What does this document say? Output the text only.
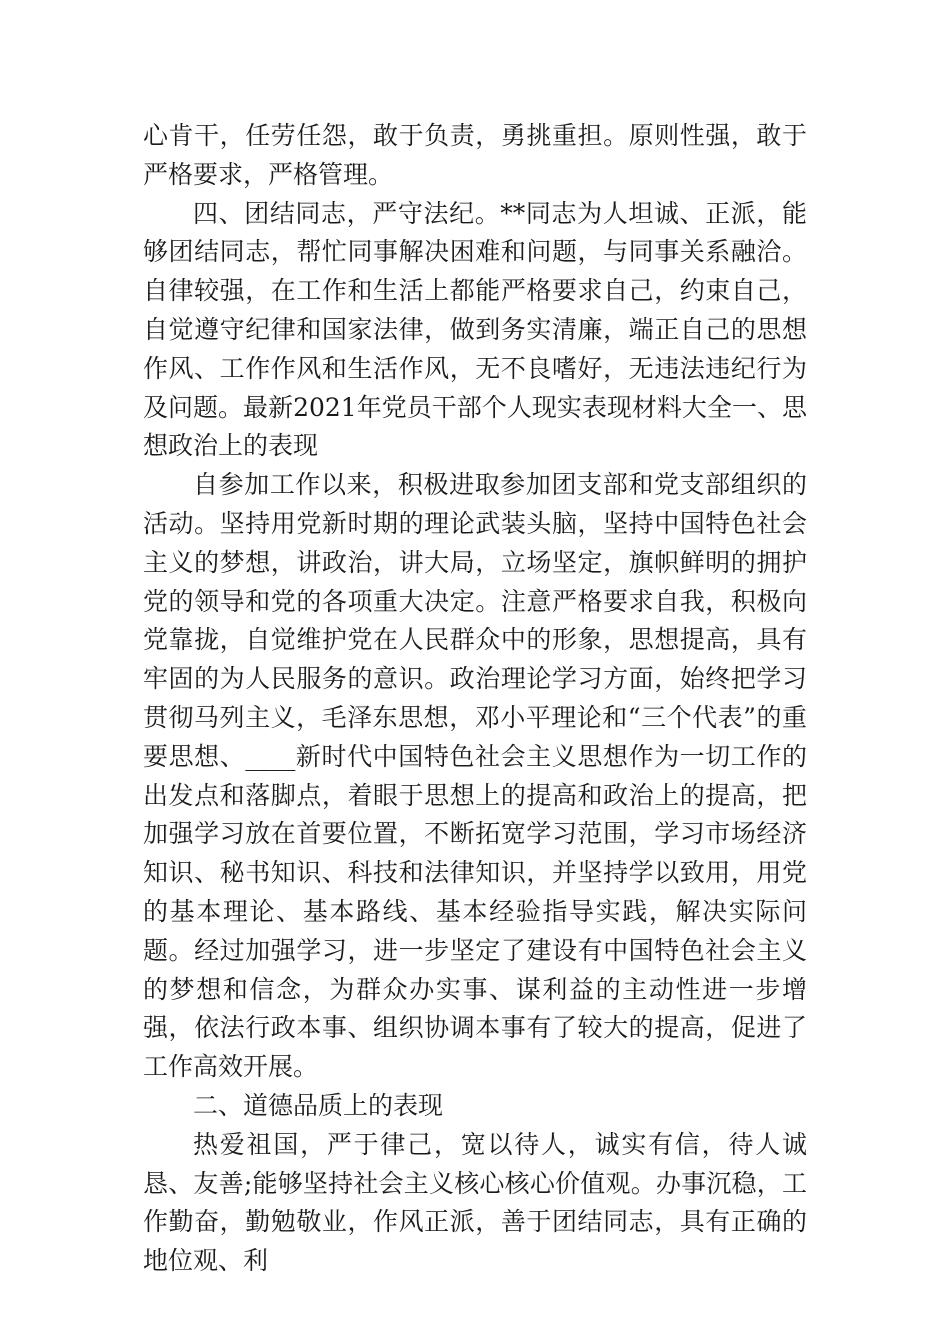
心肯干，任劳任怨，敢于负责，勇挑重担。原则性强，敢于严格要求，严格管理。

四、团结同志，严守法纪。**同志为人坦诚、正派，能够团结同志，帮忙同事解决困难和问题，与同事关系融洽。自律较强，在工作和生活上都能严格要求自己，约束自己，自觉遵守纪律和国家法律，做到务实清廉，端正自己的思想作风、工作作风和生活作风，无不良嗜好，无违法违纪行为及问题。最新2021年党员干部个人现实表现材料大全一、思想政治上的表现

自参加工作以来，积极进取参加团支部和党支部组织的活动。坚持用党新时期的理论武装头脑，坚持中国特色社会主义的梦想，讲政治，讲大局，立场坚定，旗帜鲜明的拥护党的领导和党的各项重大决定。注意严格要求自我，积极向党靠拢，自觉维护党在人民群众中的形象，思想提高，具有牢固的为人民服务的意识。政治理论学习方面，始终把学习贯彻马列主义，毛泽东思想，邓小平理论和“三个代表”的重要思想、____新时代中国特色社会主义思想作为一切工作的出发点和落脚点，着眼于思想上的提高和政治上的提高，把加强学习放在首要位置，不断拓宽学习范围，学习市场经济知识、秘书知识、科技和法律知识，并坚持学以致用，用党的基本理论、基本路线、基本经验指导实践，解决实际问题。经过加强学习，进一步坚定了建设有中国特色社会主义的梦想和信念，为群众办实事、谋利益的主动性进一步增强，依法行政本事、组织协调本事有了较大的提高，促进了工作高效开展。

二、道德品质上的表现

热爱祖国，严于律己，宽以待人，诚实有信，待人诚恳、友善;能够坚持社会主义核心核心价值观。办事沉稳，工作勤奋，勤勉敬业，作风正派，善于团结同志，具有正确的地位观、利
